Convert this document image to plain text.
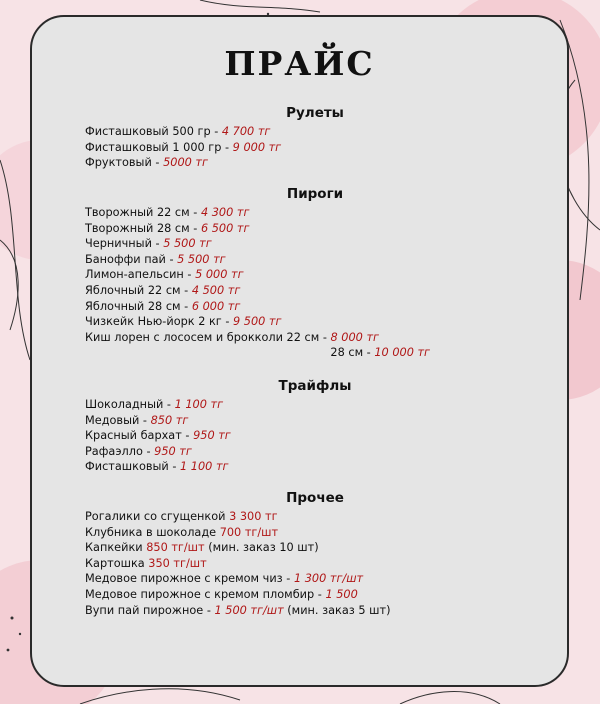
ПРАЙС
Рулеты
Фисташковый 500 гр - 4 700 тг
Фисташковый 1 000 гр - 9 000 тг
Фруктовый - 5000 тг
Пироги
Творожный 22 см - 4 300 тг
Творожный 28 см - 6 500 тг
Черничный - 5 500 тг
Баноффи пай - 5 500 тг
Лимон-апельсин - 5 000 тг
Яблочный 22 см - 4 500 тг
Яблочный 28 см - 6 000 тг
Чизкейк Нью-йорк 2 кг - 9 500 тг
Киш лорен с лососем и брокколи 22 см - 8 000 тг
28 см - 10 000 тг
Трайфлы
Шоколадный - 1 100 тг
Медовый - 850 тг
Красный бархат - 950 тг
Рафаэлло - 950 тг
Фисташковый - 1 100 тг
Прочее
Рогалики со сгущенкой 3 300 тг
Клубника в шоколаде 700 тг/шт
Капкейки 850 тг/шт (мин. заказ 10 шт)
Картошка 350 тг/шт
Медовое пирожное с кремом чиз - 1 300 тг/шт
Медовое пирожное с кремом пломбир - 1 500
Вупи пай пирожное - 1 500 тг/шт (мин. заказ 5 шт)
